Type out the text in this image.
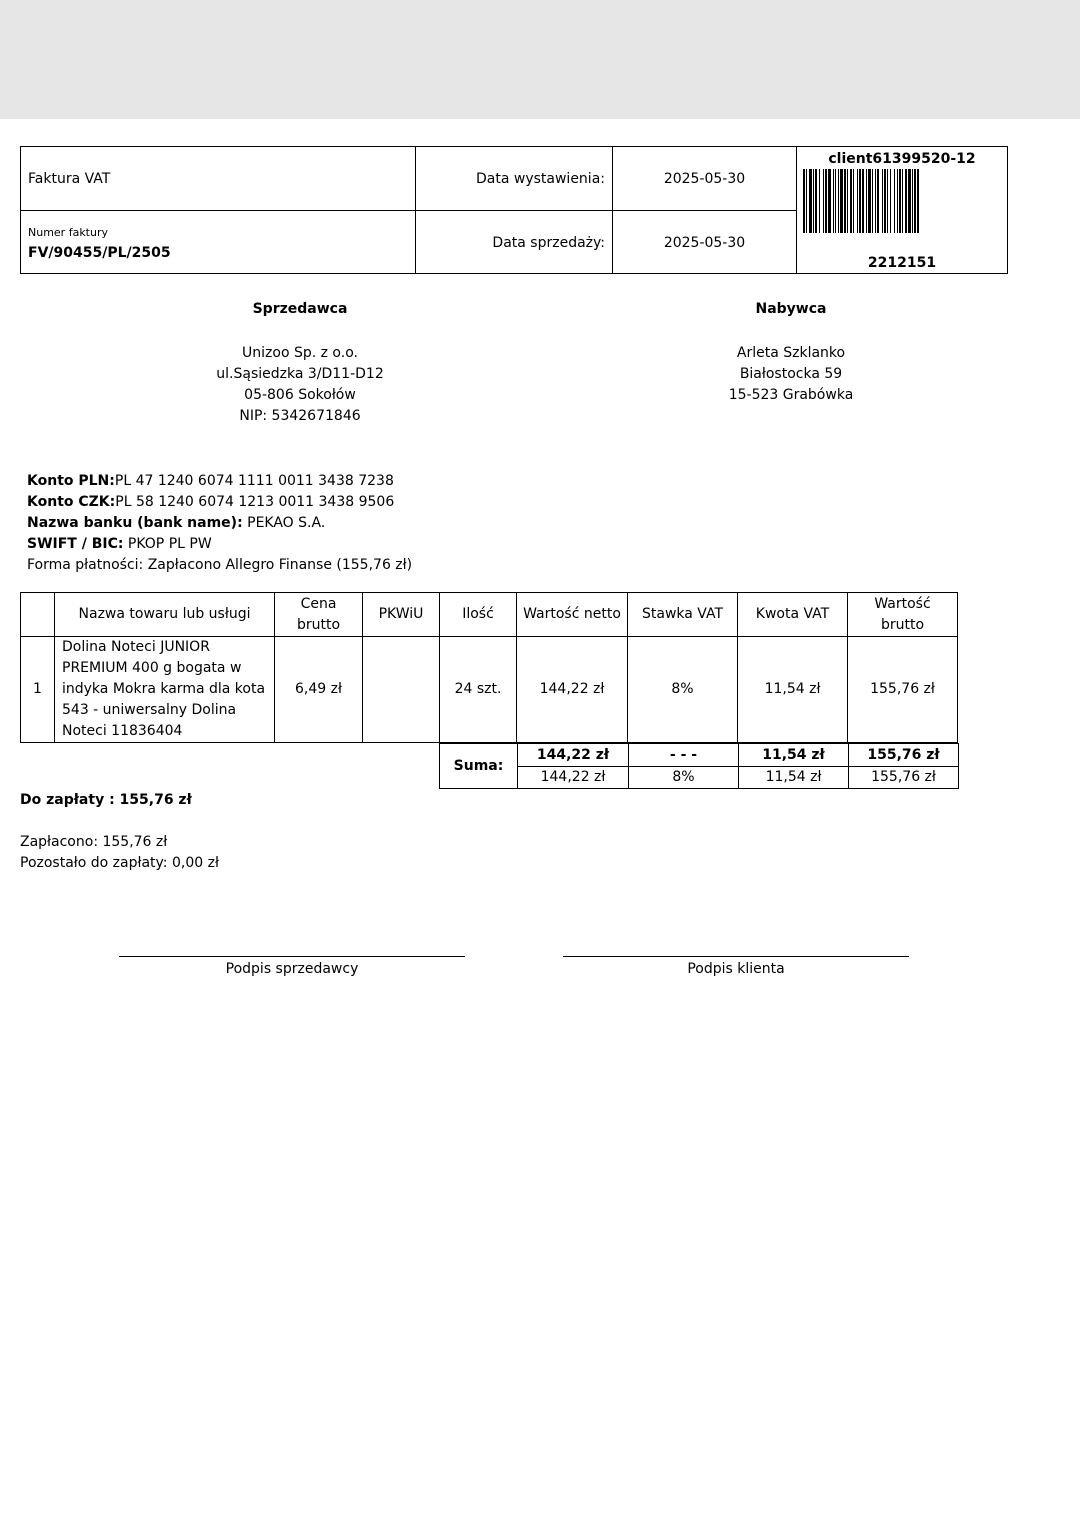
Faktura VAT	Data wystawienia:	2025-05-30
Numer faktury
FV/90455/PL/2505
Data sprzedaży:	2025-05-30
client61399520-12
2212151
Sprzedawca
Unizoo Sp. z o.o.
ul.Sąsiedzka 3/D11-D12
05-806 Sokołów
NIP: 5342671846
Nabywca
Arleta Szklanko
Białostocka 59
15-523 Grabówka
Konto PLN:PL 47 1240 6074 1111 0011 3438 7238
Konto CZK:PL 58 1240 6074 1213 0011 3438 9506
Nazwa banku (bank name): PEKAO S.A.
SWIFT / BIC: PKOP PL PW
Forma płatności: Zapłacono Allegro Finanse (155,76 zł)
	Nazwa towaru lub usługi	Cena brutto	PKWiU	Ilość	Wartość netto	Stawka VAT	Kwota VAT	Wartość brutto
1	Dolina Noteci JUNIOR PREMIUM 400 g bogata w indyka Mokra karma dla kota 543 - uniwersalny Dolina Noteci 11836404	6,49 zł		24 szt.	144,22 zł	8%	11,54 zł	155,76 zł
Suma:	144,22 zł	- - -	11,54 zł	155,76 zł
	144,22 zł	8%	11,54 zł	155,76 zł
Do zapłaty : 155,76 zł
Zapłacono: 155,76 zł
Pozostało do zapłaty: 0,00 zł
Podpis sprzedawcy	Podpis klienta
